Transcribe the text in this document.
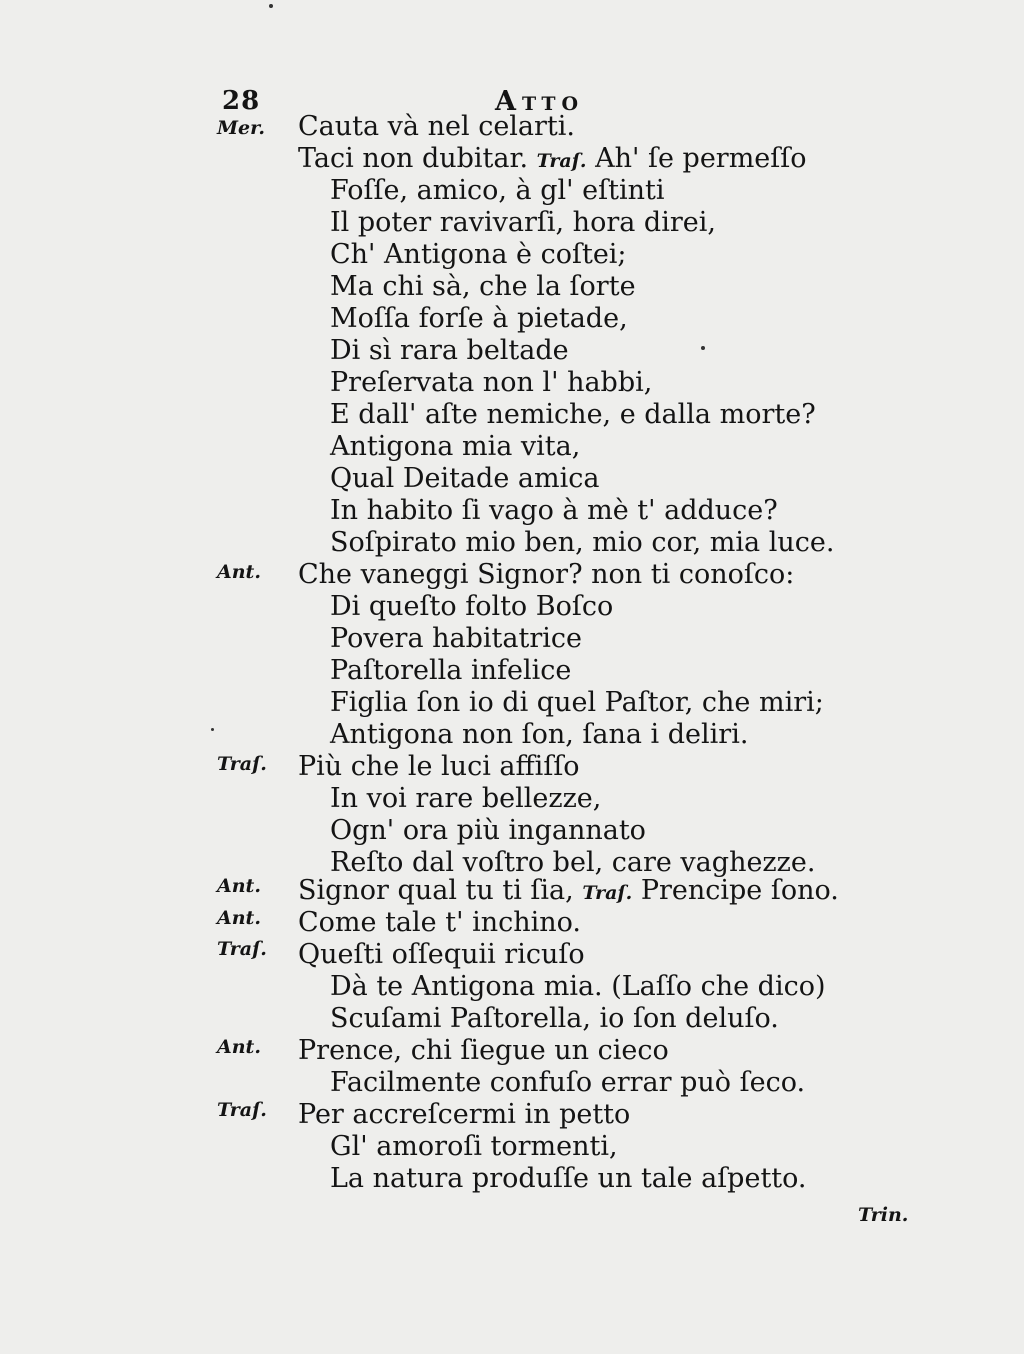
28	Atto
Mer. Cauta và nel celarti.
Taci non dubitar. Traſ. Ah' ſe permeſſo
Foſſe, amico, à gl' eſtinti
Il poter ravivarſi, hora direi,
Ch' Antigona è coſtei;
Ma chi sà, che la ſorte
Moſſa forſe à pietade,
Di sì rara beltade
Preſervata non l' habbi,
E dall' aſte nemiche, e dalla morte?
Antigona mia vita,
Qual Deitade amica
In habito ſi vago à mè t' adduce?
Soſpirato mio ben, mio cor, mia luce.
Ant. Che vaneggi Signor? non ti conoſco:
Di queſto folto Boſco
Povera habitatrice
Paſtorella infelice
Figlia ſon io di quel Paſtor, che miri;
Antigona non ſon, ſana i deliri.
Traſ. Più che le luci affiſſo
In voi rare bellezze,
Ogn' ora più ingannato
Reſto dal voſtro bel, care vaghezze.
Ant. Signor qual tu ti ſia, Traſ. Prencipe ſono.
Ant. Come tale t' inchino.
Traſ. Queſti oſſequii ricuſo
Dà te Antigona mia. (Laſſo che dico)
Scuſami Paſtorella, io ſon deluſo.
Ant. Prence, chi ſiegue un cieco
Facilmente confuſo errar può ſeco.
Traſ. Per accreſcermi in petto
Gl' amoroſi tormenti,
La natura produſſe un tale aſpetto.
Trin.
